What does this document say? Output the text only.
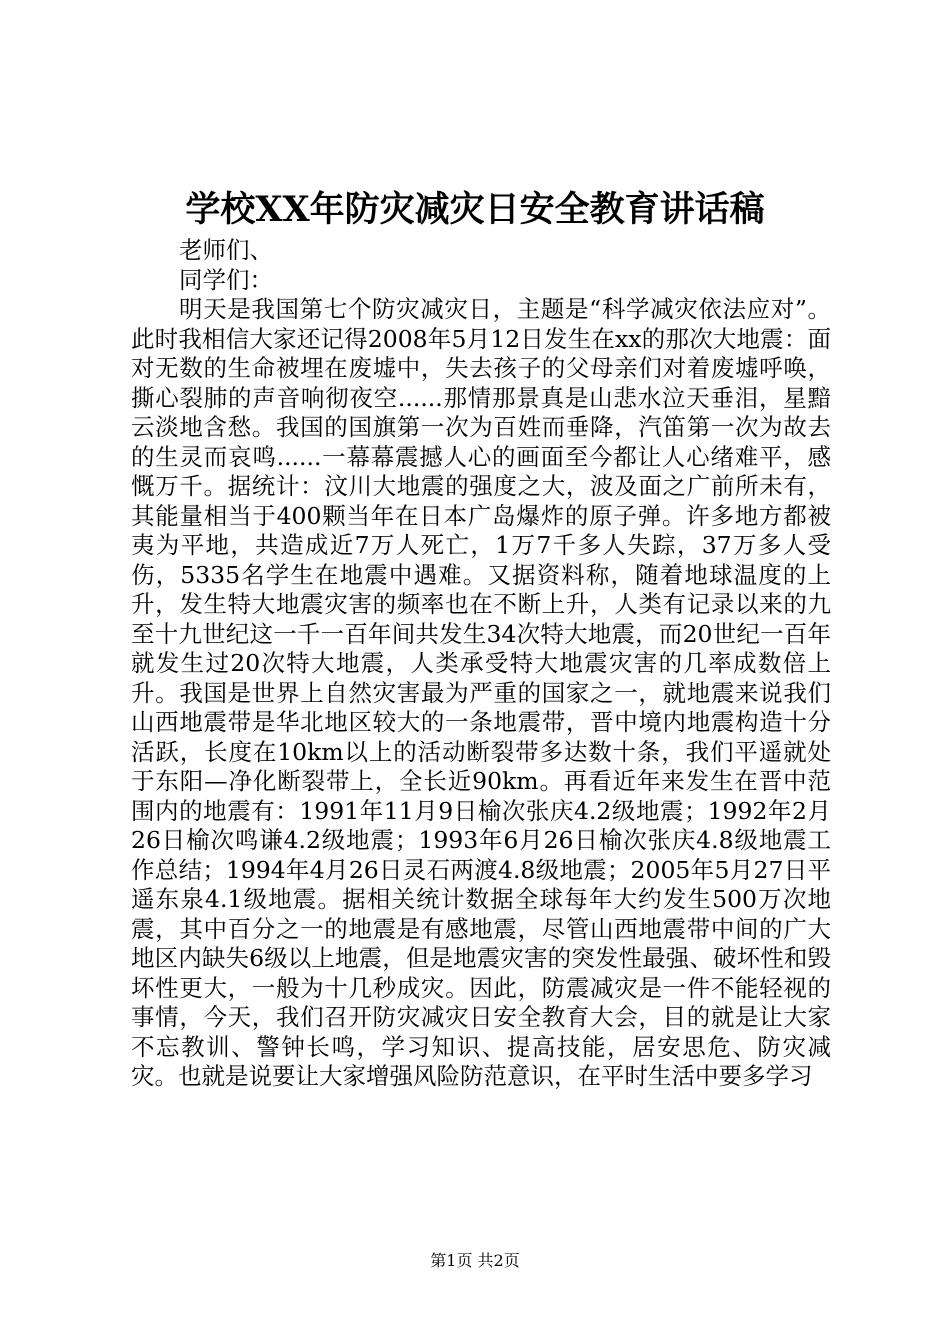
学校XX年防灾减灾日安全教育讲话稿

老师们、

同学们：

明天是我国第七个防灾减灾日，主题是“科学减灾依法应对”。此时我相信大家还记得2008年5月12日发生在xx的那次大地震：面对无数的生命被埋在废墟中，失去孩子的父母亲们对着废墟呼唤，撕心裂肺的声音响彻夜空......那情那景真是山悲水泣天垂泪，星黯云淡地含愁。我国的国旗第一次为百姓而垂降，汽笛第一次为故去的生灵而哀鸣......一幕幕震撼人心的画面至今都让人心绪难平，感慨万千。据统计：汶川大地震的强度之大，波及面之广前所未有，其能量相当于400颗当年在日本广岛爆炸的原子弹。许多地方都被夷为平地，共造成近7万人死亡，1万7千多人失踪，37万多人受伤，5335名学生在地震中遇难。又据资料称，随着地球温度的上升，发生特大地震灾害的频率也在不断上升，人类有记录以来的九至十九世纪这一千一百年间共发生34次特大地震，而20世纪一百年就发生过20次特大地震，人类承受特大地震灾害的几率成数倍上升。我国是世界上自然灾害最为严重的国家之一，就地震来说我们山西地震带是华北地区较大的一条地震带，晋中境内地震构造十分活跃，长度在10km以上的活动断裂带多达数十条，我们平遥就处于东阳—净化断裂带上，全长近90km。再看近年来发生在晋中范围内的地震有：1991年11月9日榆次张庆4.2级地震；1992年2月26日榆次鸣谦4.2级地震；1993年6月26日榆次张庆4.8级地震工作总结；1994年4月26日灵石两渡4.8级地震；2005年5月27日平遥东泉4.1级地震。据相关统计数据全球每年大约发生500万次地震，其中百分之一的地震是有感地震，尽管山西地震带中间的广大地区内缺失6级以上地震，但是地震灾害的突发性最强、破坏性和毁坏性更大，一般为十几秒成灾。因此，防震减灾是一件不能轻视的事情，今天，我们召开防灾减灾日安全教育大会，目的就是让大家不忘教训、警钟长鸣，学习知识、提高技能，居安思危、防灾减灾。也就是说要让大家增强风险防范意识，在平时生活中要多学习

第1页 共2页
